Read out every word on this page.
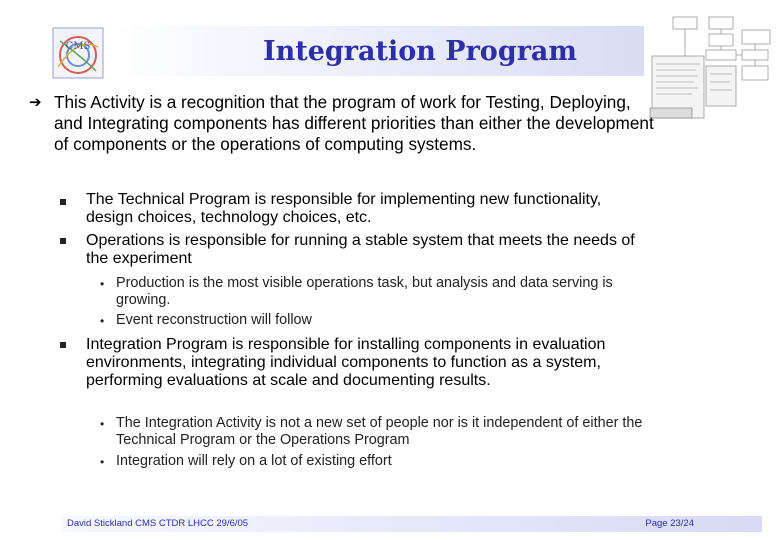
CMS	Integration Program
➔ This Activity is a recognition that the program of work for Testing, Deploying, and Integrating components has different priorities than either the development of components or the operations of computing systems.
The Technical Program is responsible for implementing new functionality, design choices, technology choices, etc.
Operations is responsible for running a stable system that meets the needs of the experiment
• Production is the most visible operations task, but analysis and data serving is growing.
• Event reconstruction will follow
Integration Program is responsible for installing components in evaluation environments, integrating individual components to function as a system, performing evaluations at scale and documenting results.
• The Integration Activity is not a new set of people nor is it independent of either the Technical Program or the Operations Program
• Integration will rely on a lot of existing effort
David Stickland CMS CTDR LHCC 29/6/05	Page 23/24
